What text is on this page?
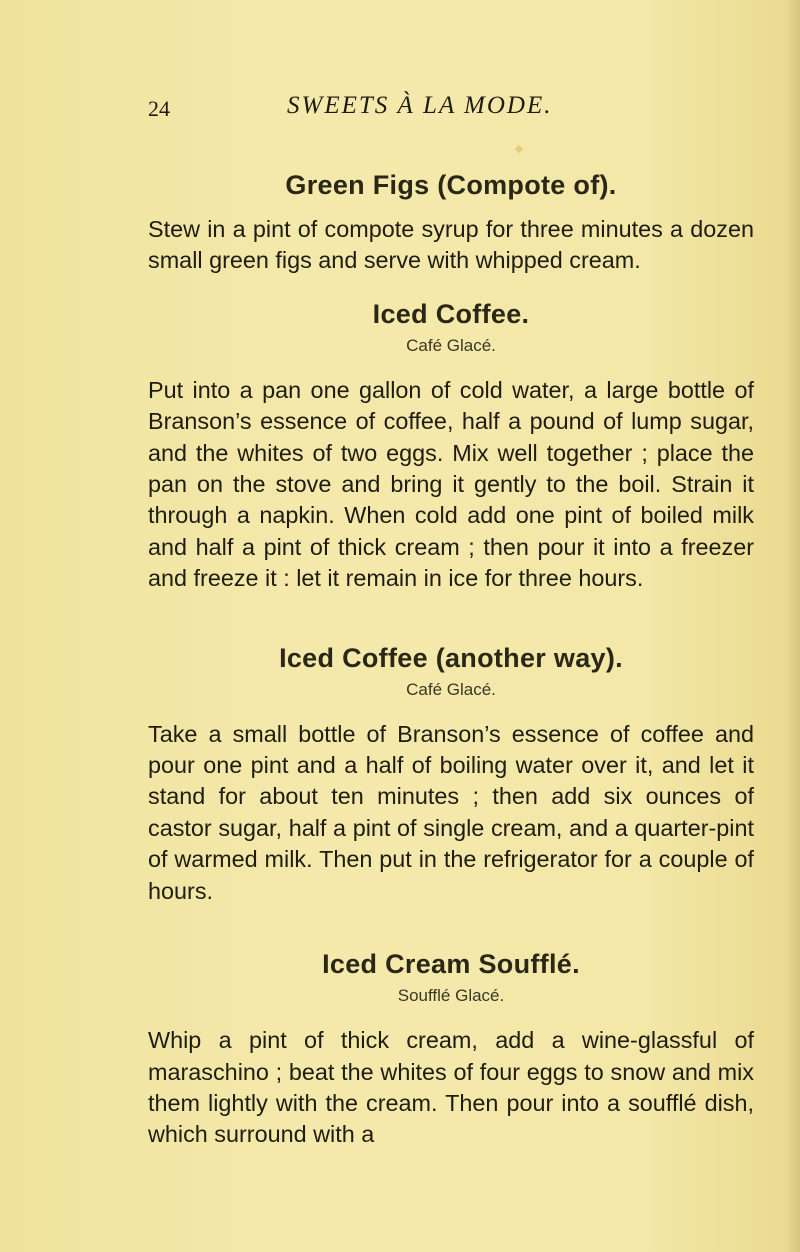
24	SWEETS À LA MODE.
Green Figs (Compote of).

Stew in a pint of compote syrup for three minutes a dozen small green figs and serve with whipped cream.

Iced Coffee.

Café Glacé.

Put into a pan one gallon of cold water, a large bottle of Branson’s essence of coffee, half a pound of lump sugar, and the whites of two eggs. Mix well together ; place the pan on the stove and bring it gently to the boil. Strain it through a napkin. When cold add one pint of boiled milk and half a pint of thick cream ; then pour it into a freezer and freeze it : let it remain in ice for three hours.

Iced Coffee (another way).

Café Glacé.

Take a small bottle of Branson’s essence of coffee and pour one pint and a half of boiling water over it, and let it stand for about ten minutes ; then add six ounces of castor sugar, half a pint of single cream, and a quarter-pint of warmed milk. Then put in the refrigerator for a couple of hours.

Iced Cream Soufflé.

Soufflé Glacé.

Whip a pint of thick cream, add a wine-glassful of maraschino ; beat the whites of four eggs to snow and mix them lightly with the cream. Then pour into a soufflé dish, which surround with a
